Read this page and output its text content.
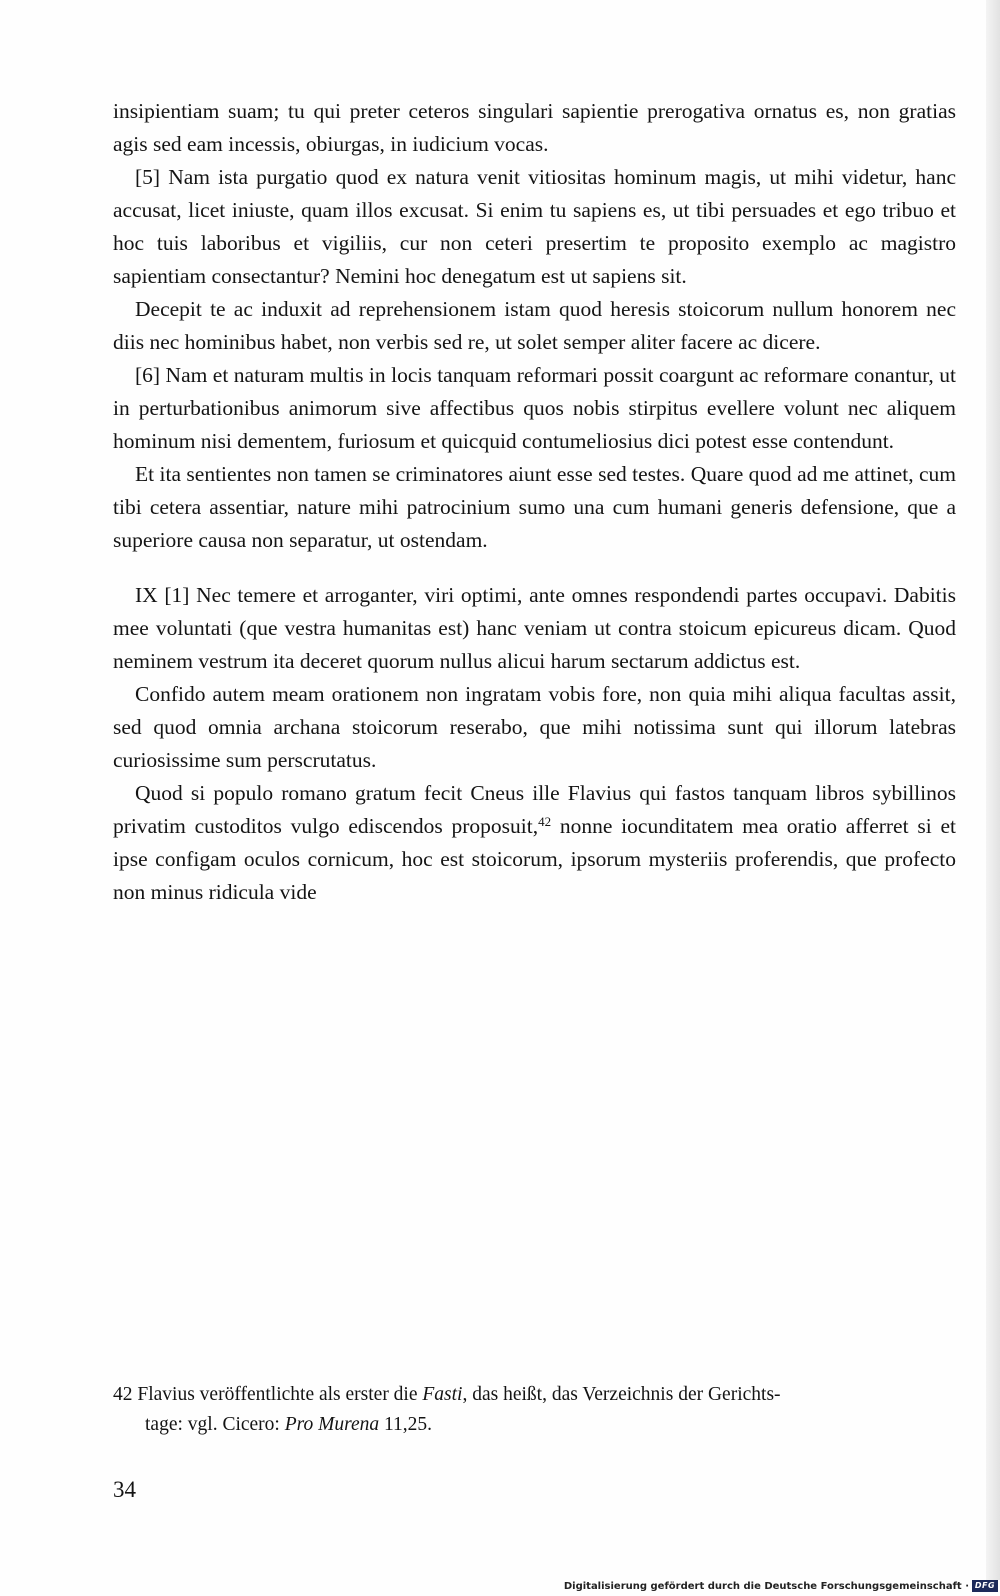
insipientiam suam; tu qui preter ceteros singulari sapientie prerogativa ornatus es, non gratias agis sed eam incessis, obiurgas, in iudicium vocas.

[5] Nam ista purgatio quod ex natura venit vitiositas hominum magis, ut mihi videtur, hanc accusat, licet iniuste, quam illos excusat. Si enim tu sapiens es, ut tibi persuades et ego tribuo et hoc tuis laboribus et vigiliis, cur non ceteri presertim te proposito exemplo ac magistro sapientiam consectantur? Nemini hoc denegatum est ut sapiens sit.

Decepit te ac induxit ad reprehensionem istam quod heresis stoicorum nullum honorem nec diis nec hominibus habet, non verbis sed re, ut solet semper aliter facere ac dicere.

[6] Nam et naturam multis in locis tanquam reformari possit coargunt ac reformare conantur, ut in perturbationibus animorum sive affectibus quos nobis stirpitus evellere volunt nec aliquem hominum nisi dementem, furiosum et quicquid contumeliosius dici potest esse contendunt.

Et ita sentientes non tamen se criminatores aiunt esse sed testes. Quare quod ad me attinet, cum tibi cetera assentiar, nature mihi patrocinium sumo una cum humani generis defensione, que a superiore causa non separatur, ut ostendam.

IX [1] Nec temere et arroganter, viri optimi, ante omnes respondendi partes occupavi. Dabitis mee voluntati (que vestra humanitas est) hanc veniam ut contra stoicum epicureus dicam. Quod neminem vestrum ita deceret quorum nullus alicui harum sectarum addictus est.

Confido autem meam orationem non ingratam vobis fore, non quia mihi aliqua facultas assit, sed quod omnia archana stoicorum reserabo, que mihi notissima sunt qui illorum latebras curiosissime sum perscrutatus.

Quod si populo romano gratum fecit Cneus ille Flavius qui fastos tanquam libros sybillinos privatim custoditos vulgo ediscendos proposuit,$^{42}$ nonne iocunditatem mea oratio afferret si et ipse configam oculos cornicum, hoc est stoicorum, ipsorum mysteriis proferendis, que profecto non minus ridicula vide

42 Flavius veröffentlichte als erster die Fasti, das heißt, das Verzeichnis der Gerichts-
tage: vgl. Cicero: Pro Murena 11,25.
34
Digitalisierung gefördert durch die Deutsche Forschungsgemeinschaft · DFG
